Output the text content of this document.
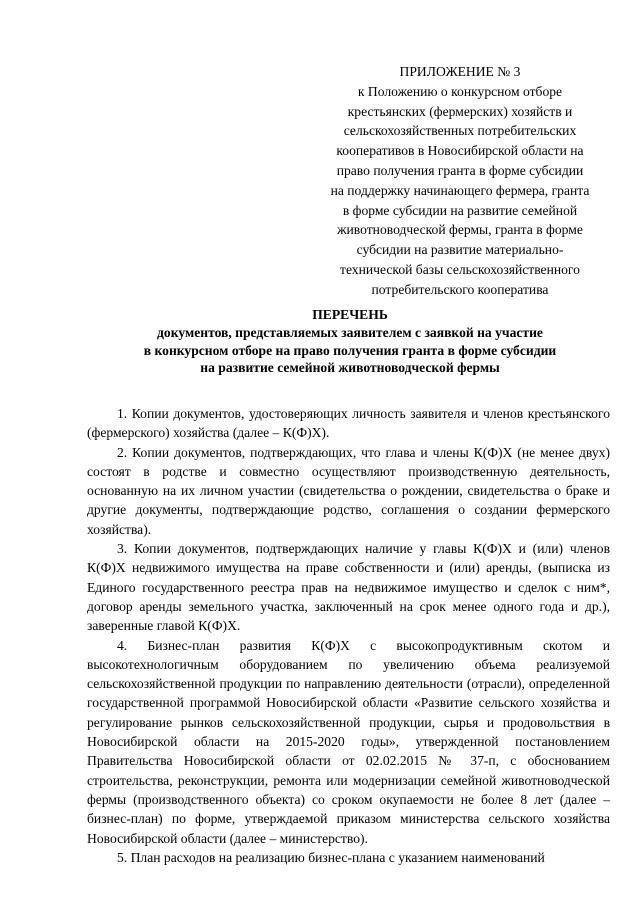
ПРИЛОЖЕНИЕ № 3
к Положению о конкурсном отборе
крестьянских (фермерских) хозяйств и
сельскохозяйственных потребительских
кооперативов в Новосибирской области на
право получения гранта в форме субсидии
на поддержку начинающего фермера, гранта
в форме субсидии на развитие семейной
животноводческой фермы, гранта в форме
субсидии на развитие материально-
технической базы сельскохозяйственного
потребительского кооператива
ПЕРЕЧЕНЬ
документов, представляемых заявителем с заявкой на участие
в конкурсном отборе на право получения гранта в форме субсидии
на развитие семейной животноводческой фермы

1. Копии документов, удостоверяющих личность заявителя и членов крестьянского (фермерского) хозяйства (далее – К(Ф)Х).

2. Копии документов, подтверждающих, что глава и члены К(Ф)Х (не менее двух) состоят в родстве и совместно осуществляют производственную деятельность, основанную на их личном участии (свидетельства о рождении, свидетельства о браке и другие документы, подтверждающие родство, соглашения о создании фермерского хозяйства).

3. Копии документов, подтверждающих наличие у главы К(Ф)Х и (или) членов К(Ф)Х недвижимого имущества на праве собственности и (или) аренды, (выписка из Единого государственного реестра прав на недвижимое имущество и сделок с ним*, договор аренды земельного участка, заключенный на срок менее одного года и др.), заверенные главой К(Ф)Х.

4. Бизнес-план развития К(Ф)Х с высокопродуктивным скотом и высокотехнологичным оборудованием по увеличению объема реализуемой сельскохозяйственной продукции по направлению деятельности (отрасли), определенной государственной программой Новосибирской области «Развитие сельского хозяйства и регулирование рынков сельскохозяйственной продукции, сырья и продовольствия в Новосибирской области на 2015-2020 годы», утвержденной постановлением Правительства Новосибирской области от 02.02.2015 № 37-п, с обоснованием строительства, реконструкции, ремонта или модернизации семейной животноводческой фермы (производственного объекта) со сроком окупаемости не более 8 лет (далее – бизнес-план) по форме, утверждаемой приказом министерства сельского хозяйства Новосибирской области (далее – министерство).

5. План расходов на реализацию бизнес-плана с указанием наименований
